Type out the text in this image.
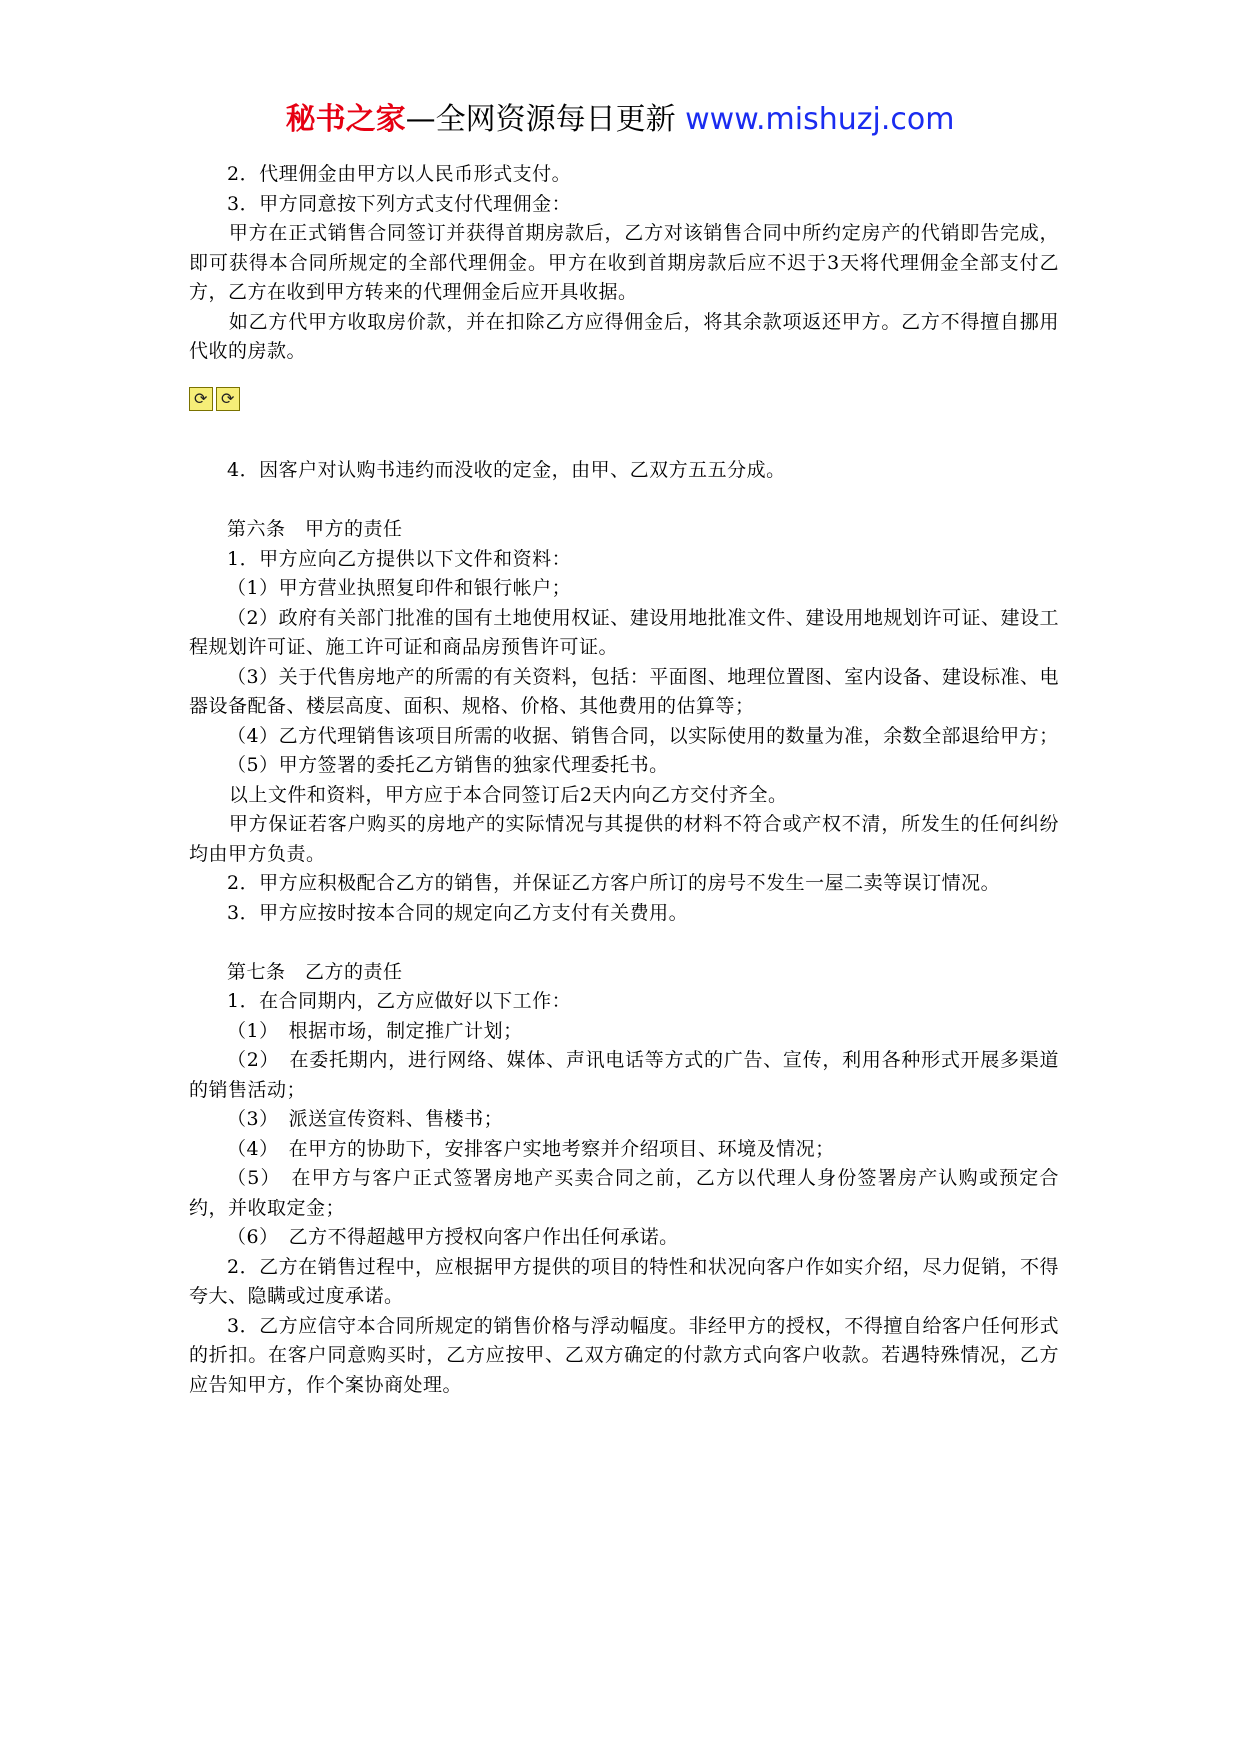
秘书之家—全网资源每日更新 www.mishuzj.com

2．代理佣金由甲方以人民币形式支付。

3．甲方同意按下列方式支付代理佣金：

甲方在正式销售合同签订并获得首期房款后，乙方对该销售合同中所约定房产的代销即告完成，即可获得本合同所规定的全部代理佣金。甲方在收到首期房款后应不迟于3天将代理佣金全部支付乙方，乙方在收到甲方转来的代理佣金后应开具收据。

如乙方代甲方收取房价款，并在扣除乙方应得佣金后，将其余款项返还甲方。乙方不得擅自挪用代收的房款。

⟳ ⟳

4．因客户对认购书违约而没收的定金，由甲、乙双方五五分成。

第六条　甲方的责任

1．甲方应向乙方提供以下文件和资料：

（1）甲方营业执照复印件和银行帐户；

（2）政府有关部门批准的国有土地使用权证、建设用地批准文件、建设用地规划许可证、建设工程规划许可证、施工许可证和商品房预售许可证。

（3）关于代售房地产的所需的有关资料，包括：平面图、地理位置图、室内设备、建设标准、电器设备配备、楼层高度、面积、规格、价格、其他费用的估算等；

（4）乙方代理销售该项目所需的收据、销售合同，以实际使用的数量为准，余数全部退给甲方；

（5）甲方签署的委托乙方销售的独家代理委托书。

以上文件和资料，甲方应于本合同签订后2天内向乙方交付齐全。

甲方保证若客户购买的房地产的实际情况与其提供的材料不符合或产权不清，所发生的任何纠纷均由甲方负责。

2．甲方应积极配合乙方的销售，并保证乙方客户所订的房号不发生一屋二卖等误订情况。

3．甲方应按时按本合同的规定向乙方支付有关费用。

第七条　乙方的责任

1．在合同期内，乙方应做好以下工作：

（1）　根据市场，制定推广计划；

（2）　在委托期内，进行网络、媒体、声讯电话等方式的广告、宣传，利用各种形式开展多渠道的销售活动；

（3）　派送宣传资料、售楼书；

（4）　在甲方的协助下，安排客户实地考察并介绍项目、环境及情况；

（5）　在甲方与客户正式签署房地产买卖合同之前，乙方以代理人身份签署房产认购或预定合约，并收取定金；

（6）　乙方不得超越甲方授权向客户作出任何承诺。

2．乙方在销售过程中，应根据甲方提供的项目的特性和状况向客户作如实介绍，尽力促销，不得夸大、隐瞒或过度承诺。

3．乙方应信守本合同所规定的销售价格与浮动幅度。非经甲方的授权，不得擅自给客户任何形式的折扣。在客户同意购买时，乙方应按甲、乙双方确定的付款方式向客户收款。若遇特殊情况，乙方应告知甲方，作个案协商处理。
